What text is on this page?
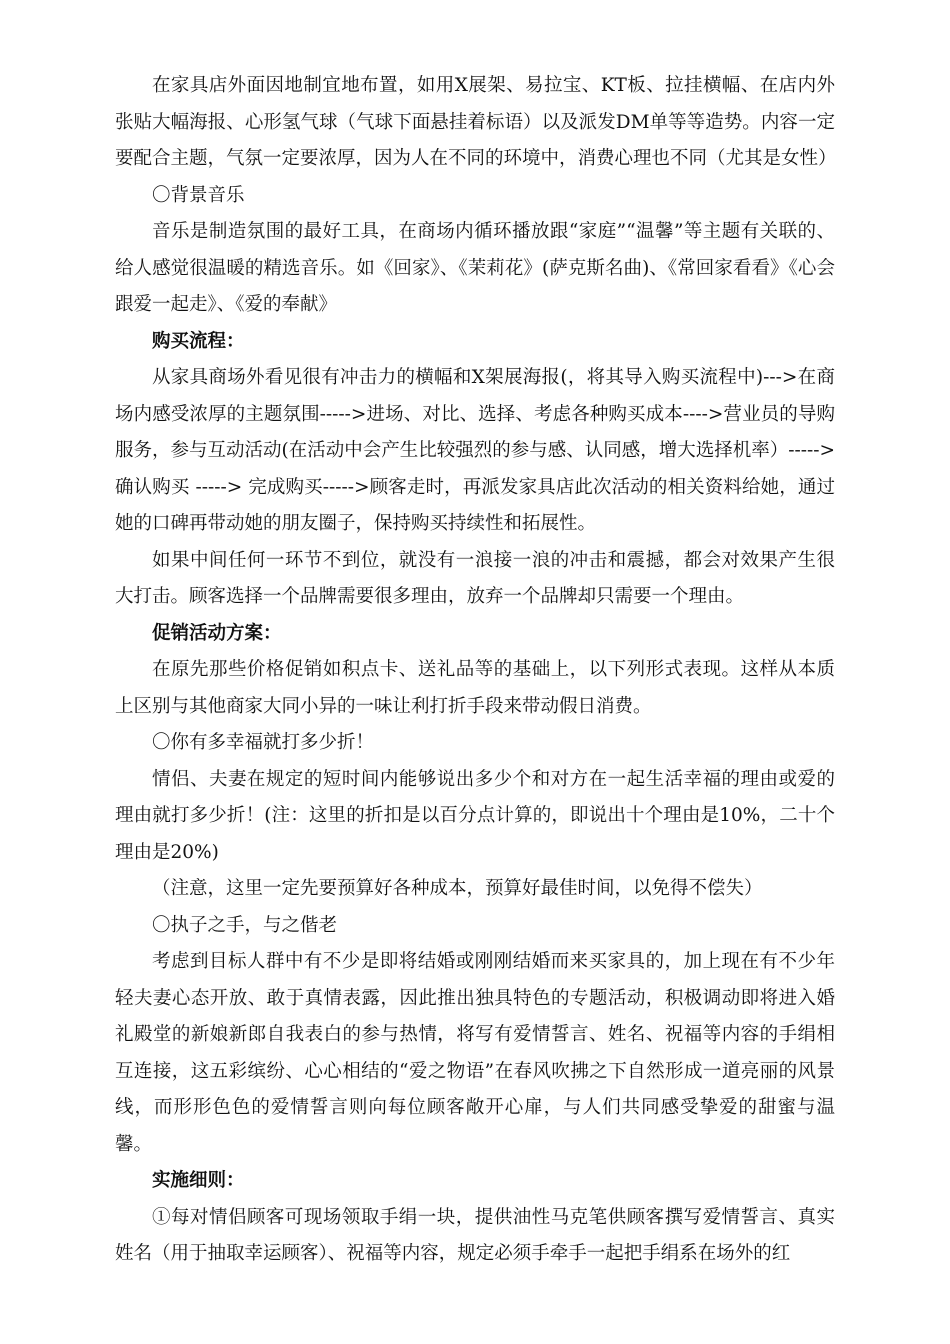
在家具店外面因地制宜地布置，如用X展架、易拉宝、KT板、拉挂横幅、在店内外张贴大幅海报、心形氢气球（气球下面悬挂着标语）以及派发DM单等等造势。内容一定要配合主题，气氛一定要浓厚，因为人在不同的环境中，消费心理也不同（尤其是女性）

〇背景音乐

音乐是制造氛围的最好工具，在商场内循环播放跟“家庭”“温馨”等主题有关联的、给人感觉很温暖的精选音乐。如《回家》、《茉莉花》(萨克斯名曲)、《常回家看看》《心会跟爱一起走》、《爱的奉献》

购买流程：

从家具商场外看见很有冲击力的横幅和X架展海报(，将其导入购买流程中)--->在商场内感受浓厚的主题氛围----->进场、对比、选择、考虑各种购买成本---->营业员的导购服务，参与互动活动(在活动中会产生比较强烈的参与感、认同感，增大选择机率）----->确认购买 -----> 完成购买----->顾客走时，再派发家具店此次活动的相关资料给她，通过她的口碑再带动她的朋友圈子，保持购买持续性和拓展性。

如果中间任何一环节不到位，就没有一浪接一浪的冲击和震撼，都会对效果产生很大打击。顾客选择一个品牌需要很多理由，放弃一个品牌却只需要一个理由。

促销活动方案：

在原先那些价格促销如积点卡、送礼品等的基础上，以下列形式表现。这样从本质上区别与其他商家大同小异的一味让利打折手段来带动假日消费。

〇你有多幸福就打多少折！

情侣、夫妻在规定的短时间内能够说出多少个和对方在一起生活幸福的理由或爱的理由就打多少折！(注：这里的折扣是以百分点计算的，即说出十个理由是10%，二十个理由是20%)

（注意，这里一定先要预算好各种成本，预算好最佳时间，以免得不偿失）

〇执子之手，与之偕老

考虑到目标人群中有不少是即将结婚或刚刚结婚而来买家具的，加上现在有不少年轻夫妻心态开放、敢于真情表露，因此推出独具特色的专题活动，积极调动即将进入婚礼殿堂的新娘新郎自我表白的参与热情，将写有爱情誓言、姓名、祝福等内容的手绢相互连接，这五彩缤纷、心心相结的“爱之物语”在春风吹拂之下自然形成一道亮丽的风景线，而形形色色的爱情誓言则向每位顾客敞开心扉，与人们共同感受挚爱的甜蜜与温馨。

实施细则：

①每对情侣顾客可现场领取手绢一块，提供油性马克笔供顾客撰写爱情誓言、真实姓名（用于抽取幸运顾客）、祝福等内容，规定必须手牵手一起把手绢系在场外的红
